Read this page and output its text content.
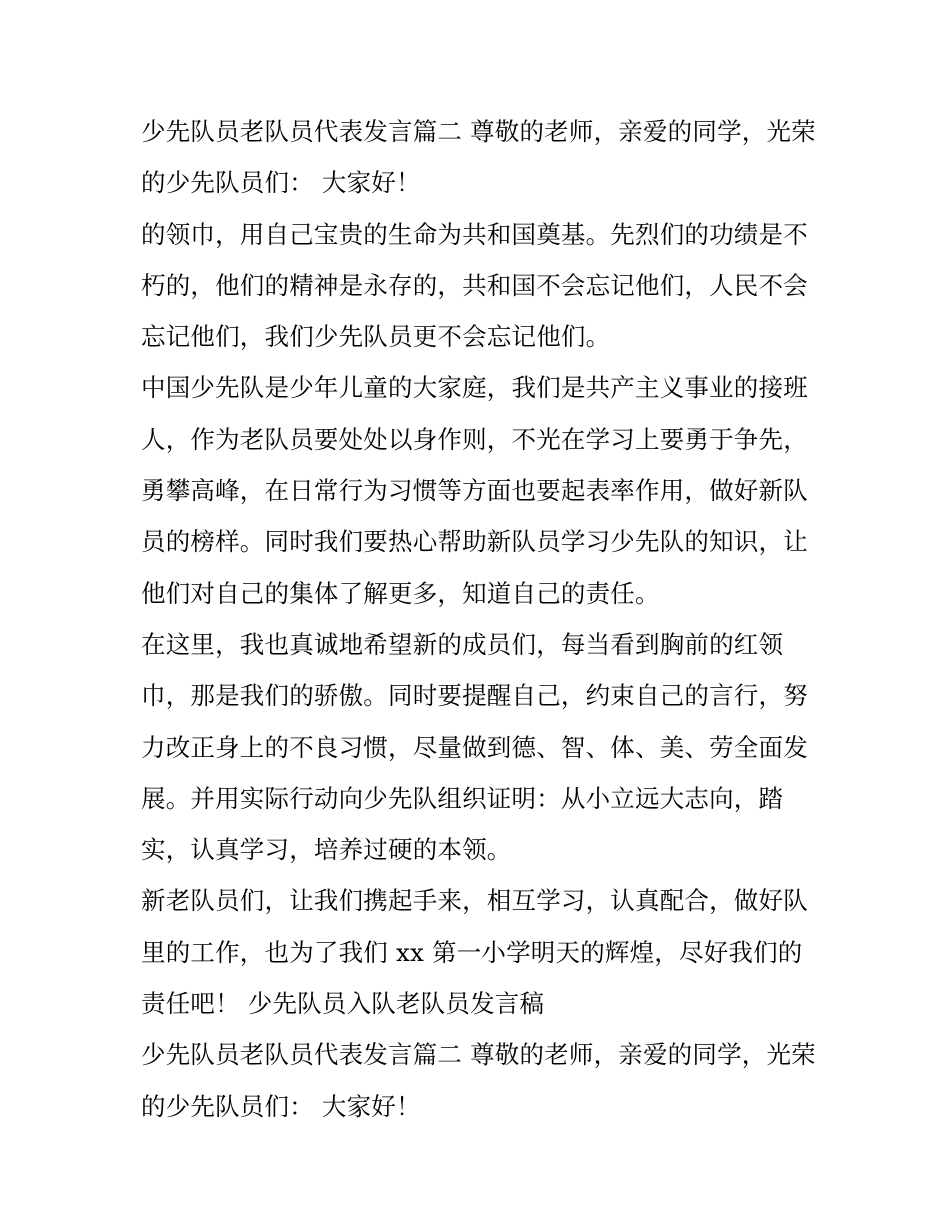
少先队员老队员代表发言篇二 尊敬的老师，亲爱的同学，光荣的少先队员们： 大家好！

的领巾，用自己宝贵的生命为共和国奠基。先烈们的功绩是不朽的，他们的精神是永存的，共和国不会忘记他们，人民不会忘记他们，我们少先队员更不会忘记他们。

中国少先队是少年儿童的大家庭，我们是共产主义事业的接班人，作为老队员要处处以身作则，不光在学习上要勇于争先，勇攀高峰，在日常行为习惯等方面也要起表率作用，做好新队员的榜样。同时我们要热心帮助新队员学习少先队的知识，让他们对自己的集体了解更多，知道自己的责任。

在这里，我也真诚地希望新的成员们，每当看到胸前的红领巾，那是我们的骄傲。同时要提醒自己，约束自己的言行，努力改正身上的不良习惯，尽量做到德、智、体、美、劳全面发展。并用实际行动向少先队组织证明：从小立远大志向，踏实，认真学习，培养过硬的本领。

新老队员们，让我们携起手来，相互学习，认真配合，做好队里的工作，也为了我们 xx 第一小学明天的辉煌，尽好我们的责任吧！ 少先队员入队老队员发言稿

少先队员老队员代表发言篇二 尊敬的老师，亲爱的同学，光荣的少先队员们： 大家好！
